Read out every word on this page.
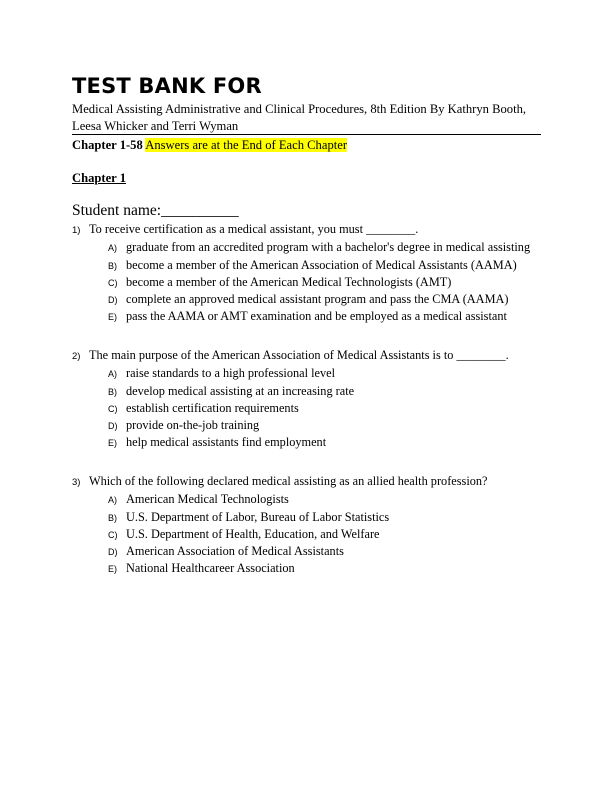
TEST BANK FOR
Medical Assisting Administrative and Clinical Procedures, 8th Edition By Kathryn Booth, Leesa Whicker and Terri Wyman
Chapter 1-58 Answers are at the End of Each Chapter
Chapter 1
Student name:__________
1) To receive certification as a medical assistant, you must ________.
A) graduate from an accredited program with a bachelor's degree in medical assisting
B) become a member of the American Association of Medical Assistants (AAMA)
C) become a member of the American Medical Technologists (AMT)
D) complete an approved medical assistant program and pass the CMA (AAMA)
E) pass the AAMA or AMT examination and be employed as a medical assistant
2) The main purpose of the American Association of Medical Assistants is to ________.
A) raise standards to a high professional level
B) develop medical assisting at an increasing rate
C) establish certification requirements
D) provide on-the-job training
E) help medical assistants find employment
3) Which of the following declared medical assisting as an allied health profession?
A) American Medical Technologists
B) U.S. Department of Labor, Bureau of Labor Statistics
C) U.S. Department of Health, Education, and Welfare
D) American Association of Medical Assistants
E) National Healthcareer Association
